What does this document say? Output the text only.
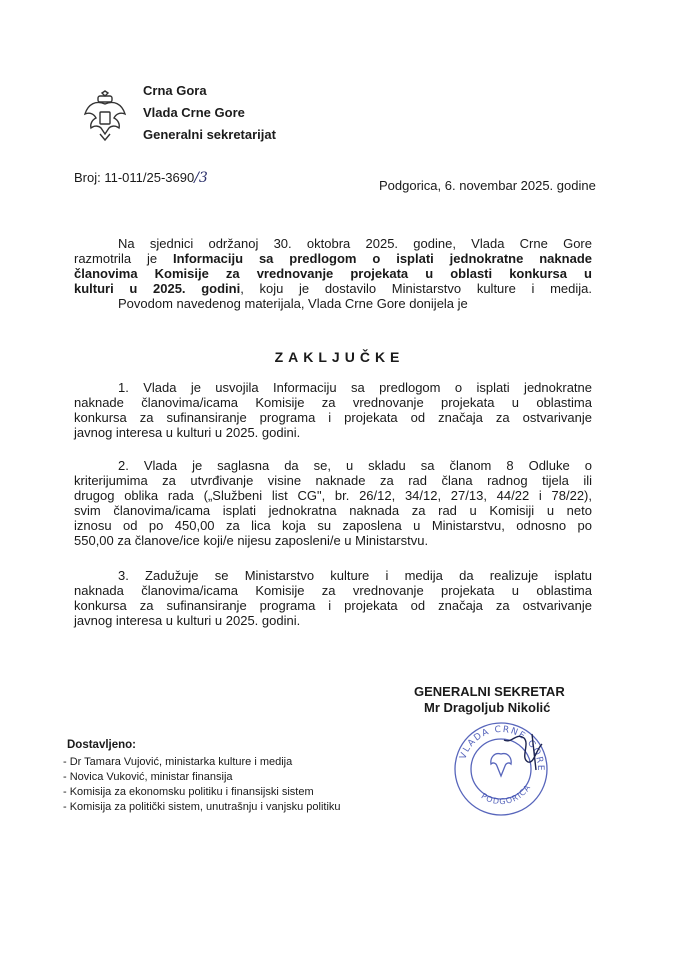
Crna Gora
Vlada Crne Gore
Generalni sekretarijat
Broj: 11-011/25-3690/3	Podgorica, 6. novembar 2025. godine
Na sjednici održanoj 30. oktobra 2025. godine, Vlada Crne Gore
razmotrila je Informaciju sa predlogom o isplati jednokratne naknade
članovima Komisije za vrednovanje projekata u oblasti konkursa u
kulturi u 2025. godini, koju je dostavilo Ministarstvo kulture i medija.
Povodom navedenog materijala, Vlada Crne Gore donijela je
ZAKLJUČKE
1. Vlada je usvojila Informaciju sa predlogom o isplati jednokratne
naknade članovima/icama Komisije za vrednovanje projekata u oblastima
konkursa za sufinansiranje programa i projekata od značaja za ostvarivanje
javnog interesa u kulturi u 2025. godini.
2. Vlada je saglasna da se, u skladu sa članom 8 Odluke o
kriterijumima za utvrđivanje visine naknade za rad člana radnog tijela ili
drugog oblika rada („Službeni list CG", br. 26/12, 34/12, 27/13, 44/22 i 78/22),
svim članovima/icama isplati jednokratna naknada za rad u Komisiji u neto
iznosu od po 450,00 za lica koja su zaposlena u Ministarstvu, odnosno po
550,00 za članove/ice koji/e nijesu zaposleni/e u Ministarstvu.
3. Zadužuje se Ministarstvo kulture i medija da realizuje isplatu
naknada članovima/icama Komisije za vrednovanje projekata u oblastima
konkursa za sufinansiranje programa i projekata od značaja za ostvarivanje
javnog interesa u kulturi u 2025. godini.
GENERALNI SEKRETAR
Mr Dragoljub Nikolić
VLADA CRNE GORE
PODGORICA
Dostavljeno:
- Dr Tamara Vujović, ministarka kulture i medija
- Novica Vuković, ministar finansija
- Komisija za ekonomsku politiku i finansijski sistem
- Komisija za politički sistem, unutrašnju i vanjsku politiku
